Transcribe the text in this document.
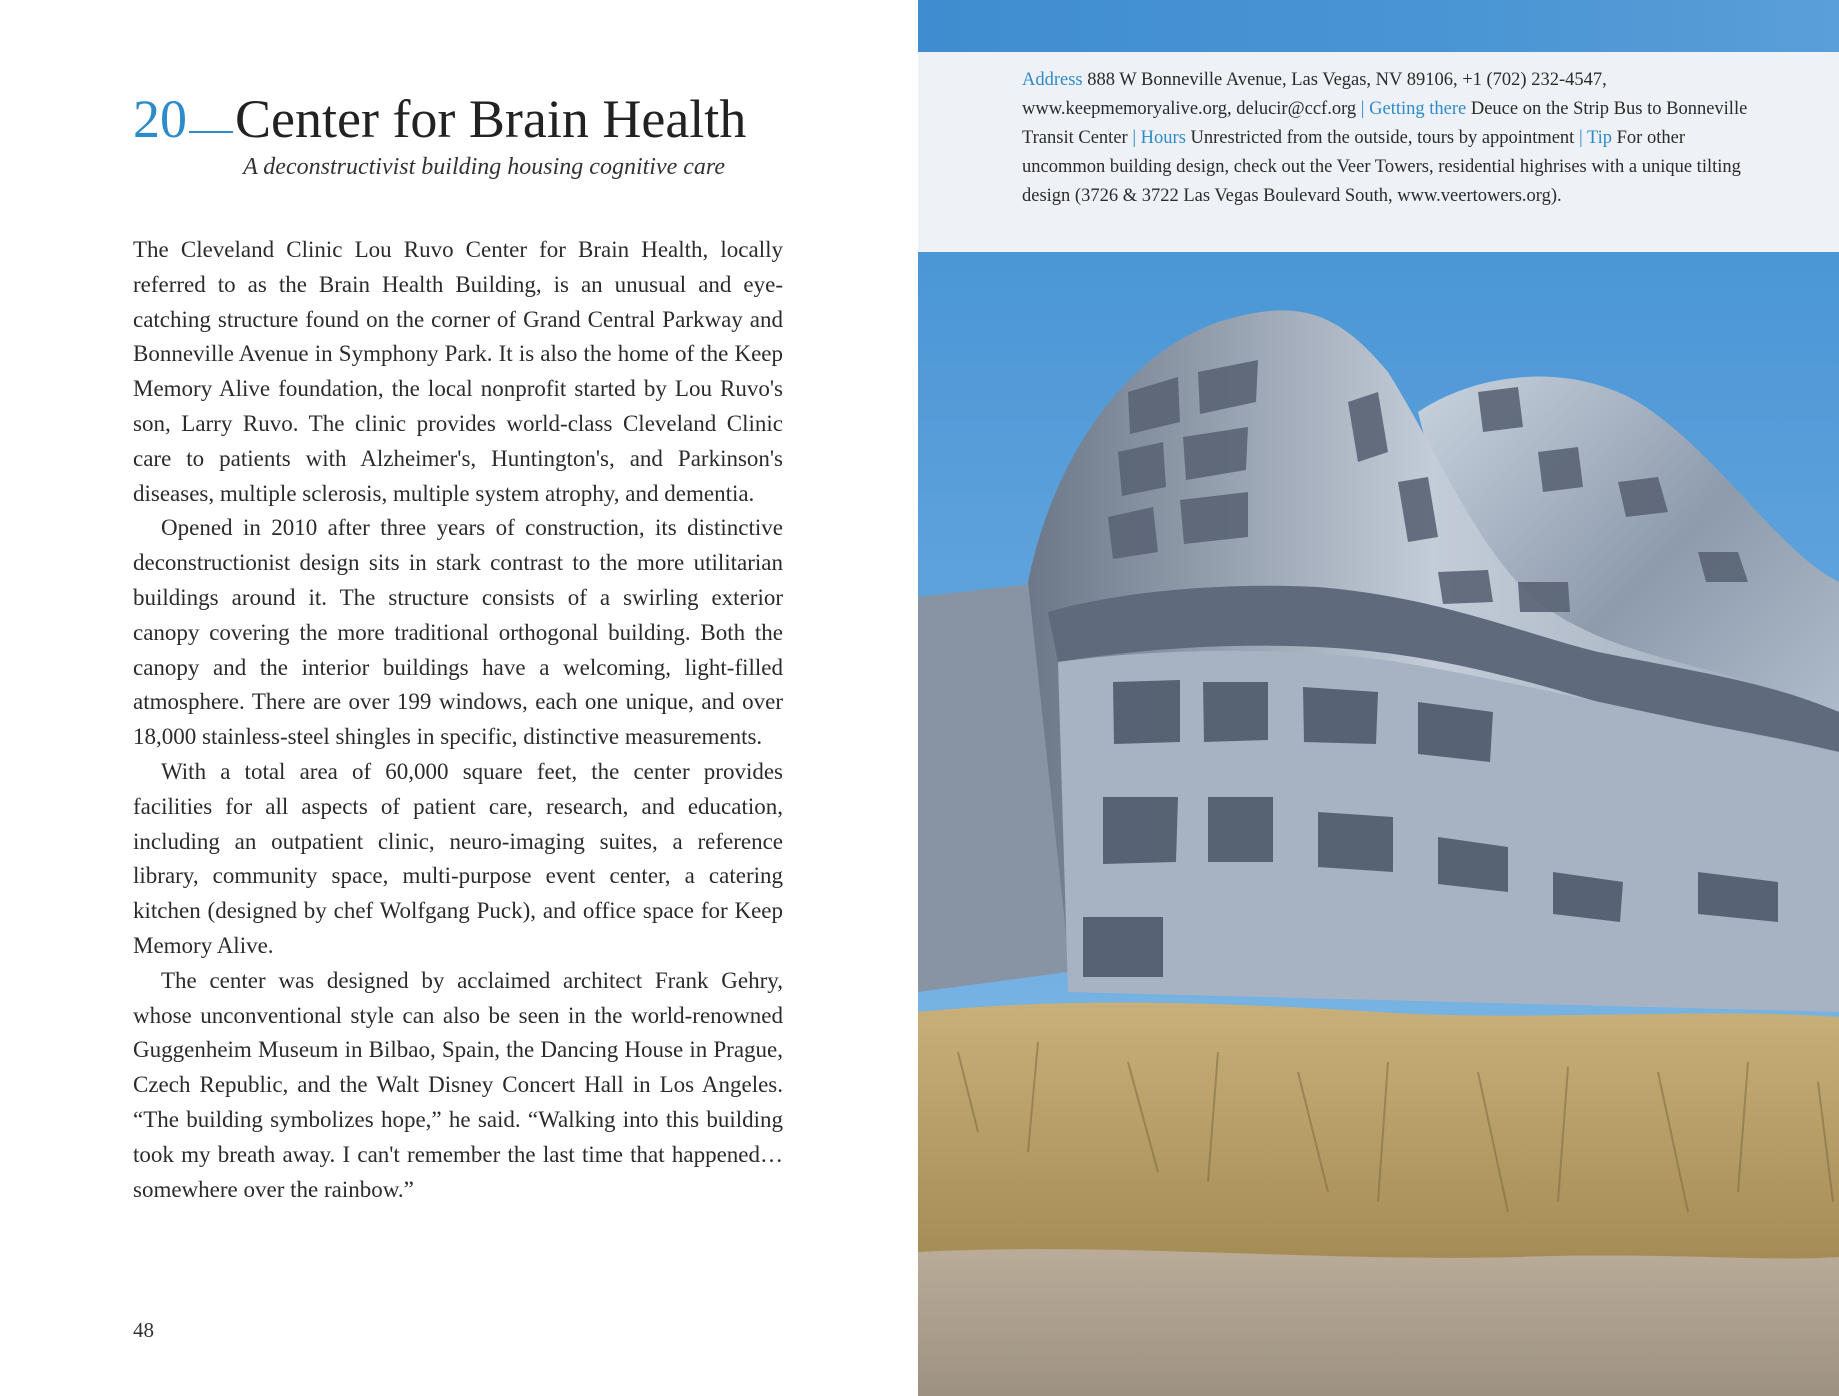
20 Center for Brain Health
A deconstructivist building housing cognitive care

The Cleveland Clinic Lou Ruvo Center for Brain Health, locally referred to as the Brain Health Building, is an unusual and eye-catching structure found on the corner of Grand Central Parkway and Bonneville Avenue in Symphony Park. It is also the home of the Keep Memory Alive foundation, the local nonprofit started by Lou Ruvo's son, Larry Ruvo. The clinic provides world-class Cleveland Clinic care to patients with Alzheimer's, Huntington's, and Parkinson's diseases, multiple sclerosis, multiple system atrophy, and dementia.

Opened in 2010 after three years of construction, its distinctive deconstructionist design sits in stark contrast to the more utilitarian buildings around it. The structure consists of a swirling exterior canopy covering the more traditional orthogonal building. Both the canopy and the interior buildings have a welcoming, light-filled atmosphere. There are over 199 windows, each one unique, and over 18,000 stainless-steel shingles in specific, distinctive measurements.

With a total area of 60,000 square feet, the center provides facilities for all aspects of patient care, research, and education, including an outpatient clinic, neuro-imaging suites, a reference library, community space, multi-purpose event center, a catering kitchen (designed by chef Wolfgang Puck), and office space for Keep Memory Alive.

The center was designed by acclaimed architect Frank Gehry, whose unconventional style can also be seen in the world-renowned Guggenheim Museum in Bilbao, Spain, the Dancing House in Prague, Czech Republic, and the Walt Disney Concert Hall in Los Angeles. “The building symbolizes hope,” he said. “Walking into this building took my breath away. I can't remember the last time that happened… somewhere over the rainbow.”

48
Address 888 W Bonneville Avenue, Las Vegas, NV 89106, +1 (702) 232-4547, www.keepmemoryalive.org, delucir@ccf.org | Getting there Deuce on the Strip Bus to Bonneville Transit Center | Hours Unrestricted from the outside, tours by appointment | Tip For other uncommon building design, check out the Veer Towers, residential highrises with a unique tilting design (3726 & 3722 Las Vegas Boulevard South, www.veertowers.org).
